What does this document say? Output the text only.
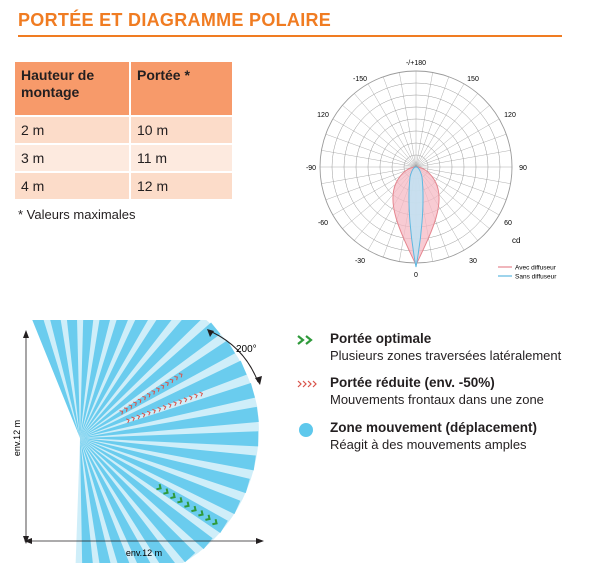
PORTÉE ET DIAGRAMME POLAIRE
Hauteur de montage	Portée *
2 m	10 m
3 m	11 m
4 m	12 m
* Valeurs maximales
-/+180
-150	150
120	120
-90	90
-60	60
-30	30
0
cd
Avec diffuseur
Sans diffuseur
200°
env.12 m
env.12 m
Portée optimale
Plusieurs zones traversées latéralement
Portée réduite (env. -50%)
Mouvements frontaux dans une zone
Zone mouvement (déplacement)
Réagit à des mouvements amples
